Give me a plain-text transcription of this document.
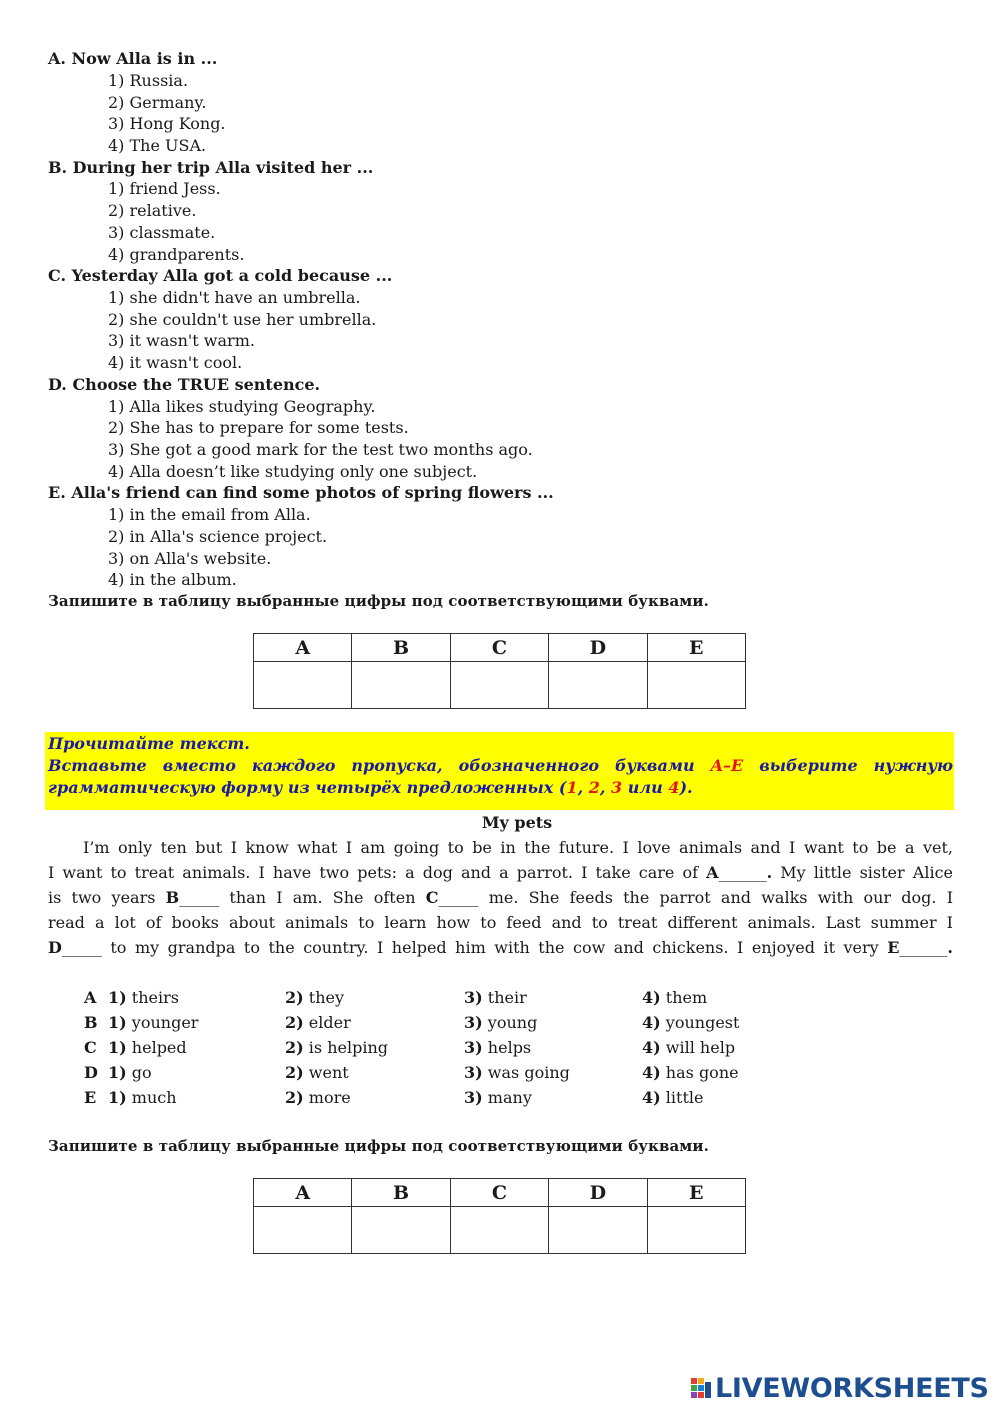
A. Now Alla is in ...

1) Russia.

2) Germany.

3) Hong Kong.

4) The USA.

B. During her trip Alla visited her ...

1) friend Jess.

2) relative.

3) classmate.

4) grandparents.

C. Yesterday Alla got a cold because ...

1) she didn't have an umbrella.

2) she couldn't use her umbrella.

3) it wasn't warm.

4) it wasn't cool.

D. Choose the TRUE sentence.

1) Alla likes studying Geography.

2) She has to prepare for some tests.

3) She got a good mark for the test two months ago.

4) Alla doesn’t like studying only one subject.

E. Alla's friend can find some photos of spring flowers ...

1) in the email from Alla.

2) in Alla's science project.

3) on Alla's website.

4) in the album.

Запишите в таблицу выбранные цифры под соответствующими буквами.
A	B	C	D	E

Прочитайте текст.
Вставьте вместо каждого пропуска, обозначенного буквами A–E выберите нужную
грамматическую форму из четырёх предложенных (1, 2, 3 или 4).
My pets
I’m only ten but I know what I am going to be in the future. I love animals and I want to be a vet,
I want to treat animals. I have two pets: a dog and a parrot. I take care of A______. My little sister Alice
is two years B_____ than I am. She often C_____ me. She feeds the parrot and walks with our dog. I
read a lot of books about animals to learn how to feed and to treat different animals. Last summer I
D_____ to my grandpa to the country. I helped him with the cow and chickens. I enjoyed it very E______.
A 1) theirs	2) they	3) their	4) them
B 1) younger	2) elder	3) young	4) youngest
C 1) helped	2) is helping	3) helps	4) will help
D 1) go	2) went	3) was going	4) has gone
E 1) much	2) more	3) many	4) little
Запишите в таблицу выбранные цифры под соответствующими буквами.
A	B	C	D	E

LIVEWORKSHEETS
